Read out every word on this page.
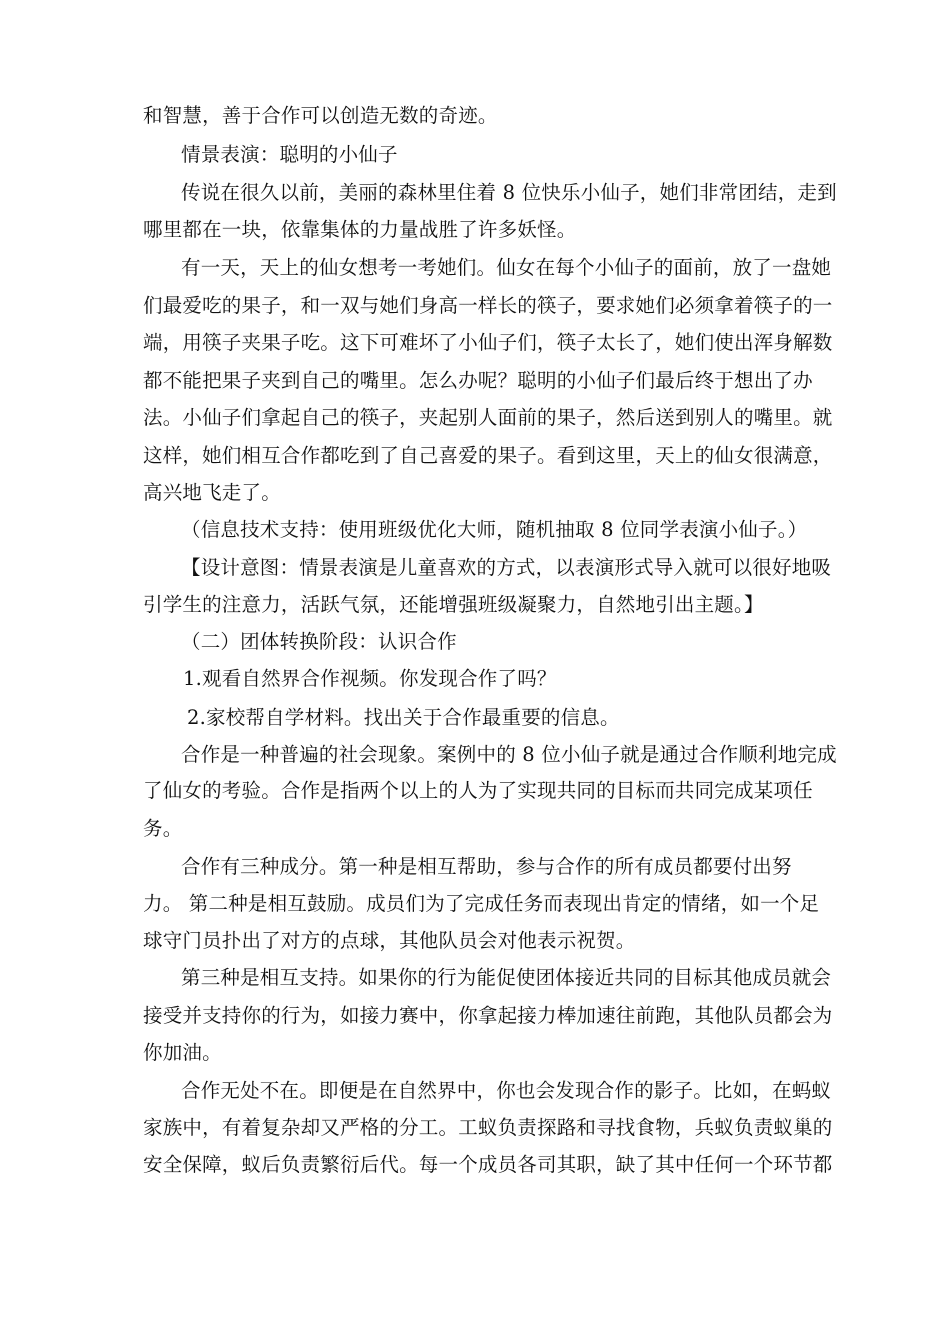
和智慧，善于合作可以创造无数的奇迹。
情景表演：聪明的小仙子
传说在很久以前，美丽的森林里住着 8 位快乐小仙子，她们非常团结，走到
哪里都在一块，依靠集体的力量战胜了许多妖怪。
有一天，天上的仙女想考一考她们。仙女在每个小仙子的面前，放了一盘她
们最爱吃的果子，和一双与她们身高一样长的筷子，要求她们必须拿着筷子的一
端，用筷子夹果子吃。这下可难坏了小仙子们，筷子太长了，她们使出浑身解数
都不能把果子夹到自己的嘴里。怎么办呢？聪明的小仙子们最后终于想出了办
法。小仙子们拿起自己的筷子，夹起别人面前的果子，然后送到别人的嘴里。就
这样，她们相互合作都吃到了自己喜爱的果子。看到这里，天上的仙女很满意，
高兴地飞走了。
（信息技术支持：使用班级优化大师，随机抽取 8 位同学表演小仙子。）
【设计意图：情景表演是儿童喜欢的方式，以表演形式导入就可以很好地吸
引学生的注意力，活跃气氛，还能增强班级凝聚力，自然地引出主题。】
（二）团体转换阶段：认识合作
1.观看自然界合作视频。你发现合作了吗？
2.家校帮自学材料。找出关于合作最重要的信息。
合作是一种普遍的社会现象。案例中的 8 位小仙子就是通过合作顺利地完成
了仙女的考验。合作是指两个以上的人为了实现共同的目标而共同完成某项任
务。
合作有三种成分。第一种是相互帮助，参与合作的所有成员都要付出努
力。 第二种是相互鼓励。成员们为了完成任务而表现出肯定的情绪，如一个足
球守门员扑出了对方的点球，其他队员会对他表示祝贺。
第三种是相互支持。如果你的行为能促使团体接近共同的目标其他成员就会
接受并支持你的行为，如接力赛中，你拿起接力棒加速往前跑，其他队员都会为
你加油。
合作无处不在。即便是在自然界中，你也会发现合作的影子。比如，在蚂蚁
家族中，有着复杂却又严格的分工。工蚁负责探路和寻找食物，兵蚁负责蚁巢的
安全保障，蚁后负责繁衍后代。每一个成员各司其职，缺了其中任何一个环节都
